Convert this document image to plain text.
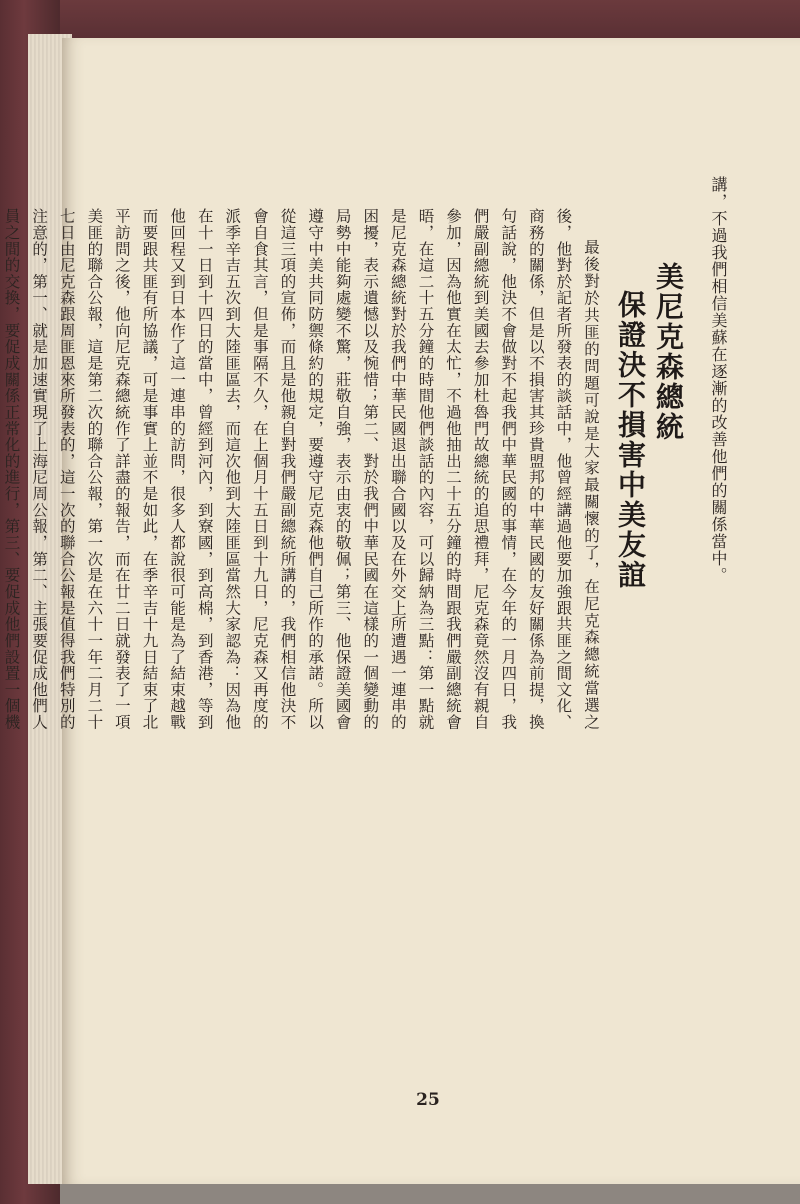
講，不過我們相信美蘇在逐漸的改善他們的關係當中。
美尼克森總統
保證決不損害中美友誼

最後對於共匪的問題可說是大家最關懷的了，在尼克森總統當選之後，他對於記者所發表的談話中，他曾經講過他要加強跟共匪之間文化、商務的關係，但是以不損害其珍貴盟邦的中華民國的友好關係為前提，換句話說，他決不會做對不起我們中華民國的事情，在今年的一月四日，我們嚴副總統到美國去參加杜魯門故總統的追思禮拜，尼克森竟然沒有親自參加，因為他實在太忙，不過他抽出二十五分鐘的時間跟我們嚴副總統會晤，在這二十五分鐘的時間他們談話的內容，可以歸納為三點：第一點就是尼克森總統對於我們中華民國退出聯合國以及在外交上所遭遇一連串的困擾，表示遺憾以及惋惜；第二、對於我們中華民國在這樣的一個變動的局勢中能夠處變不驚，莊敬自強，表示由衷的敬佩；第三、他保證美國會遵守中美共同防禦條約的規定，要遵守尼克森他們自己所作的承諾。所以從這三項的宣佈，而且是他親自對我們嚴副總統所講的，我們相信他決不會自食其言，但是事隔不久，在上個月十五日到十九日，尼克森又再度的派季辛吉五次到大陸匪區去，而這次他到大陸匪區當然大家認為：因為他在十一日到十四日的當中，曾經到河內，到寮國，到高棉，到香港，等到他回程又到日本作了這一連串的訪問，很多人都說很可能是為了結束越戰而要跟共匪有所協議，可是事實上並不是如此，在季辛吉十九日結束了北平訪問之後，他向尼克森總統作了詳盡的報告，而在廿二日就發表了一項美匪的聯合公報，這是第二次的聯合公報，第一次是在六十一年二月二十七日由尼克森跟周匪恩來所發表的，這一次的聯合公報是值得我們特別的注意的，第一、就是加速實現了上海尼周公報，第二、主張要促成他們人員之間的交換，要促成關係正常化的進行，第三、要促成他們設置一個機

25
